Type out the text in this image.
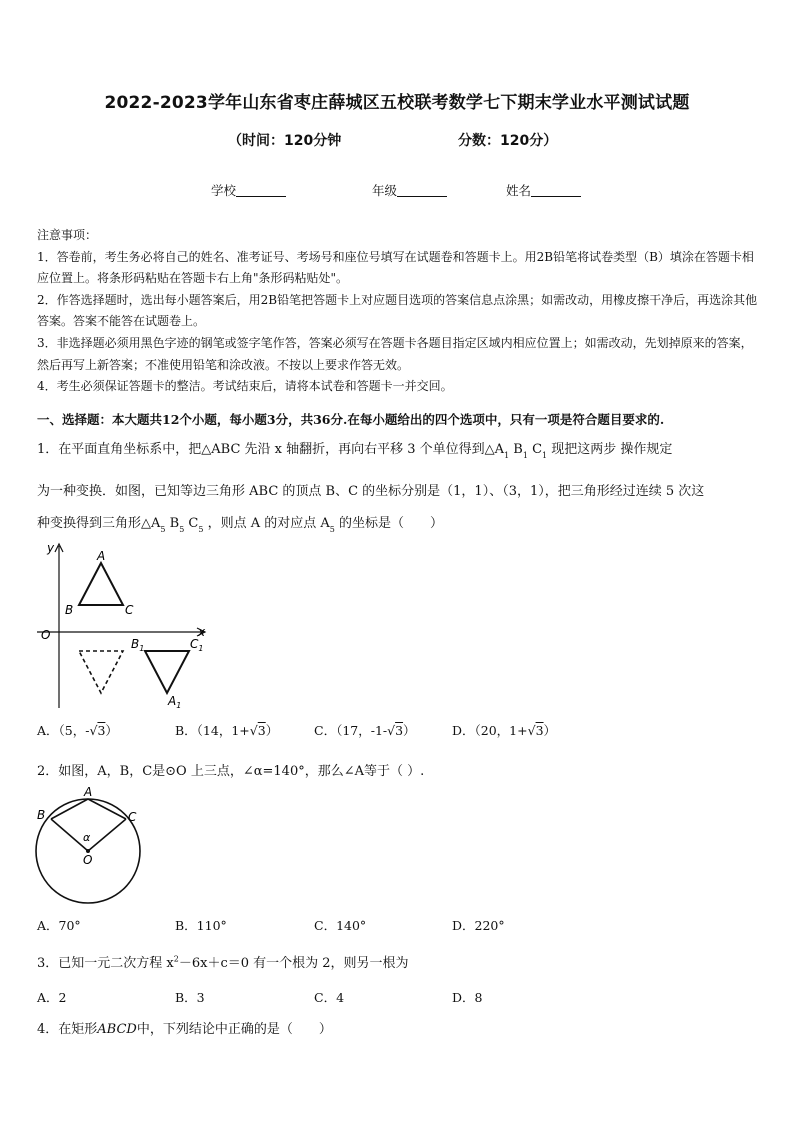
2022-2023学年山东省枣庄薛城区五校联考数学七下期末学业水平测试试题
（时间：120分钟	分数：120分）
学校	年级	姓名

注意事项：

1．答卷前，考生务必将自己的姓名、准考证号、考场号和座位号填写在试题卷和答题卡上。用2B铅笔将试卷类型（B）填涂在答题卡相应位置上。将条形码粘贴在答题卡右上角"条形码粘贴处"。

2．作答选择题时，选出每小题答案后，用2B铅笔把答题卡上对应题目选项的答案信息点涂黑；如需改动，用橡皮擦干净后，再选涂其他答案。答案不能答在试题卷上。

3．非选择题必须用黑色字迹的钢笔或签字笔作答，答案必须写在答题卡各题目指定区域内相应位置上；如需改动，先划掉原来的答案，然后再写上新答案；不准使用铅笔和涂改液。不按以上要求作答无效。

4．考生必须保证答题卡的整洁。考试结束后，请将本试卷和答题卡一并交回。

一、选择题：本大题共12个小题，每小题3分，共36分.在每小题给出的四个选项中，只有一项是符合题目要求的.
1．在平面直角坐标系中，把△ABC 先沿 x 轴翻折，再向右平移 3 个单位得到$\triangle A_1$ $B_1$ $C_1$ 现把这两步 操作规定
为一种变换．如图，已知等边三角形 ABC 的顶点 B、C 的坐标分别是（1，1）、（3，1），把三角形经过连续 5 次这
种变换得到三角形$\triangle A_5$ $B_5$ $C_5$ ，则点 A 的对应点 $A_5$ 的坐标是（　　）
y
x
O
A
B	C
$B_1$	$C_1$
$A_1$
A．（5，-√3）	B．（14，1+√3）	C．（17，-1-√3）	D．（20，1+√3）
2．如图，A，B，C是⊙O 上三点，∠α=140°，那么∠A等于（ ）.
A
B	C
O
α
A．70°	B．110°	C．140°	D．220°
3．已知一元二次方程 $x^2-6x+c=0$ 有一个根为 2，则另一根为
A．2	B．3	C．4	D．8
4．在矩形ABCD中，下列结论中正确的是（　　）
